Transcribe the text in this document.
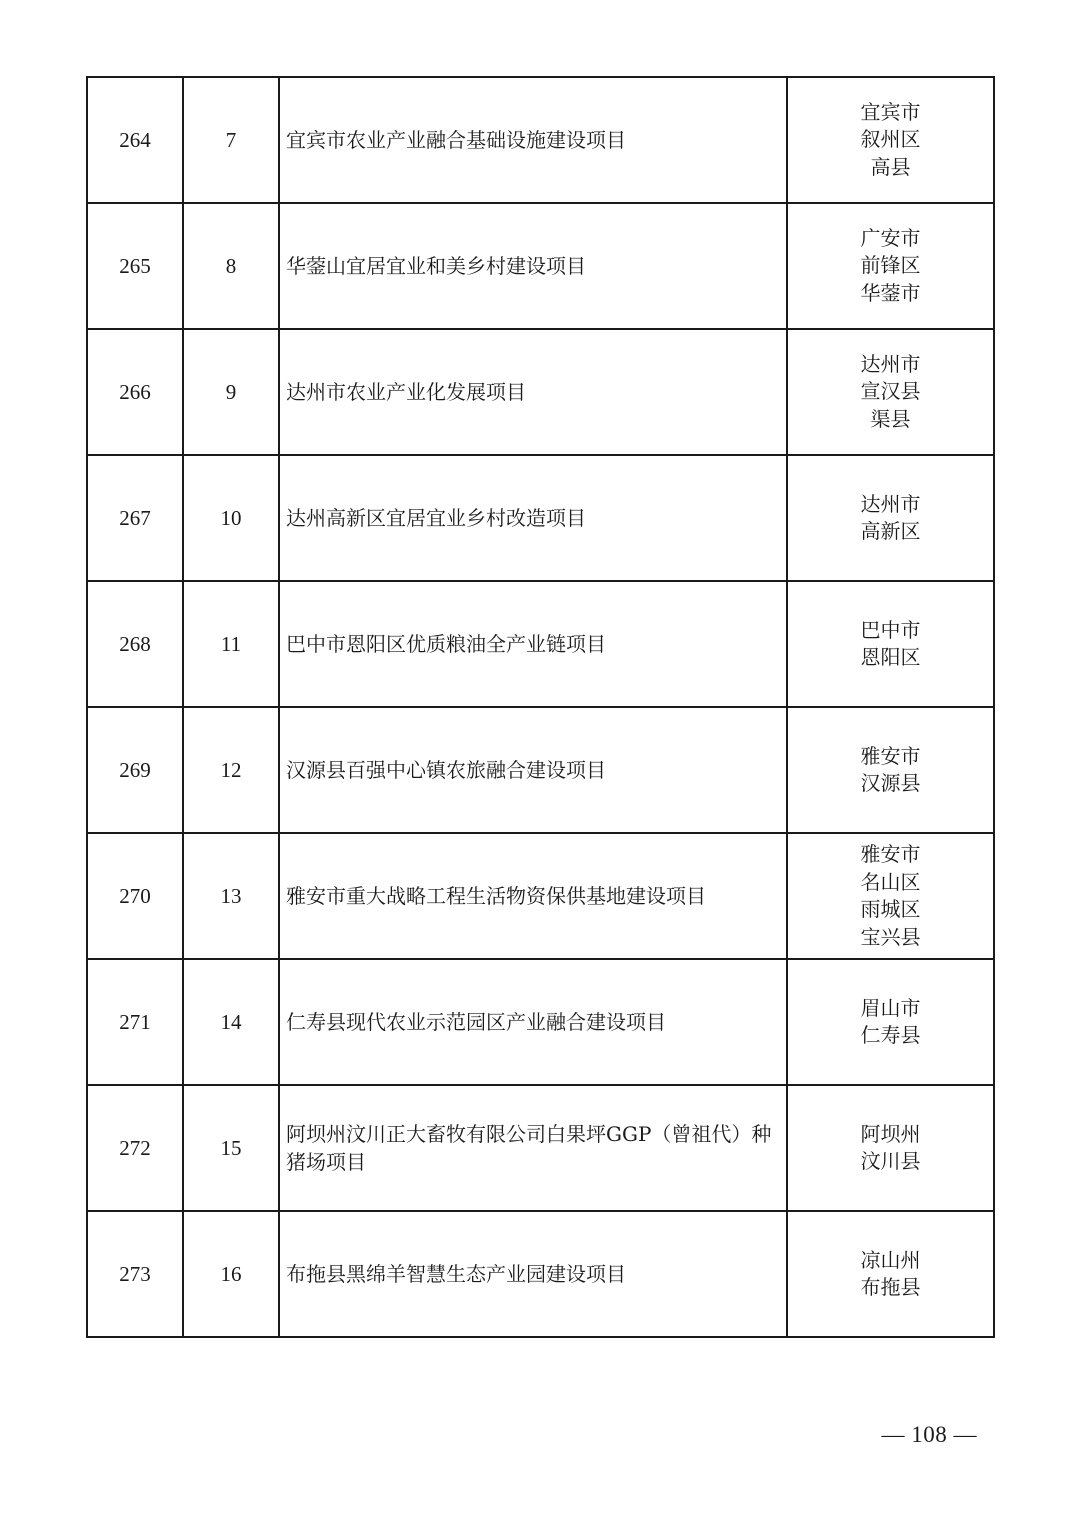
264	7	宜宾市农业产业融合基础设施建设项目	宜宾市
叙州区
高县

265	8	华蓥山宜居宜业和美乡村建设项目	广安市
前锋区
华蓥市

266	9	达州市农业产业化发展项目	达州市
宣汉县
渠县

267	10	达州高新区宜居宜业乡村改造项目	达州市
高新区

268	11	巴中市恩阳区优质粮油全产业链项目	巴中市
恩阳区

269	12	汉源县百强中心镇农旅融合建设项目	雅安市
汉源县

270	13	雅安市重大战略工程生活物资保供基地建设项目	雅安市
名山区
雨城区
宝兴县

271	14	仁寿县现代农业示范园区产业融合建设项目	眉山市
仁寿县

272	15	阿坝州汶川正大畜牧有限公司白果坪GGP（曾祖代）种猪场项目	阿坝州
汶川县

273	16	布拖县黑绵羊智慧生态产业园建设项目	凉山州
布拖县
— 108 —
